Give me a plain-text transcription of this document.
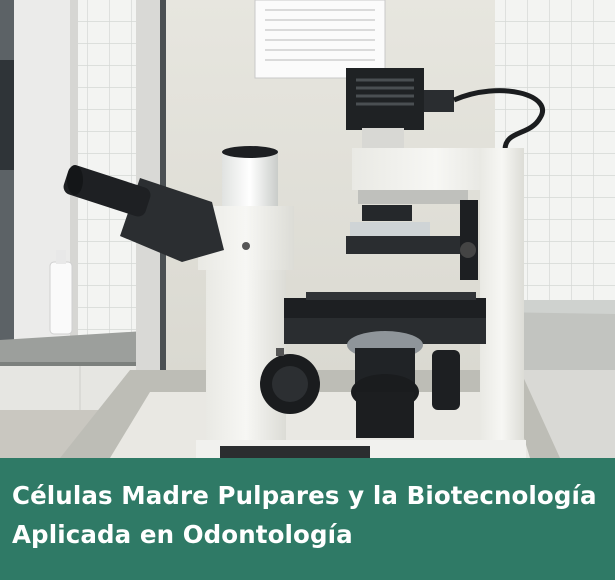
Células Madre Pulpares y la Biotecnología Aplicada en Odontología
